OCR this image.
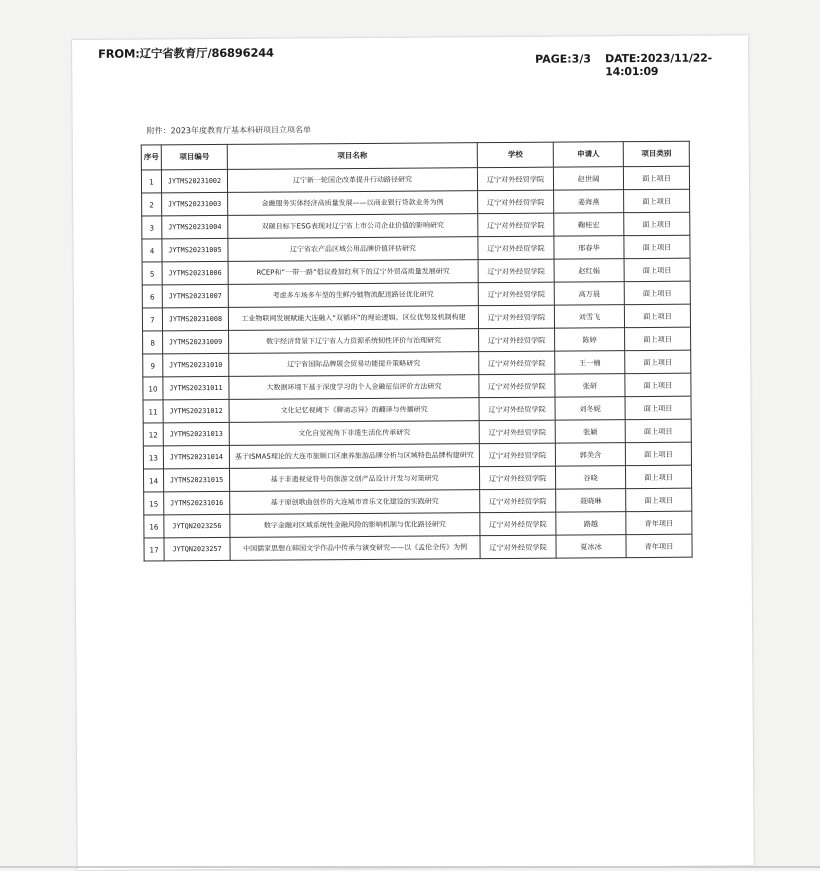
FROM:辽宁省教育厅/86896244	PAGE:3/3 DATE:2023/11/22-14:01:09
附件：2023年度教育厅基本科研项目立项名单
序号	项目编号	项目名称	学校	申请人	项目类别
1	JYTMS20231002	辽宁新一轮国企改革提升行动路径研究	辽宁对外经贸学院	赵世阔	面上项目
2	JYTMS20231003	金融服务实体经济高质量发展——以商业银行贷款业务为例	辽宁对外经贸学院	姜海燕	面上项目
3	JYTMS20231004	双碳目标下ESG表现对辽宁省上市公司企业价值的影响研究	辽宁对外经贸学院	鞠桂宏	面上项目
4	JYTMS20231005	辽宁省农产品区域公用品牌价值评估研究	辽宁对外经贸学院	邢春华	面上项目
5	JYTMS20231006	RCEP和“一带一路”倡议叠加红利下的辽宁外贸高质量发展研究	辽宁对外经贸学院	赵红娟	面上项目
6	JYTMS20231007	考虑多车场多车型的生鲜冷链物流配送路径优化研究	辽宁对外经贸学院	高万晨	面上项目
7	JYTMS20231008	工业物联网发展赋能大连融入“双循环”的理论逻辑、区位优势及机制构建	辽宁对外经贸学院	刘雪飞	面上项目
8	JYTMS20231009	数字经济背景下辽宁省人力资源系统韧性评价与治理研究	辽宁对外经贸学院	陈婷	面上项目
9	JYTMS20231010	辽宁省国际品牌展会贸易功能提升策略研究	辽宁对外经贸学院	王一楠	面上项目
10	JYTMS20231011	大数据环境下基于深度学习的个人金融征信评价方法研究	辽宁对外经贸学院	张研	面上项目
11	JYTMS20231012	文化记忆视阈下《聊斋志异》的翻译与传播研究	辽宁对外经贸学院	刘冬妮	面上项目
12	JYTMS20231013	文化自觉视角下非遗生活化传承研究	辽宁对外经贸学院	张颖	面上项目
13	JYTMS20231014	基于ISMAS理论的大连市旅顺口区康养旅游品牌分析与区域特色品牌构建研究	辽宁对外经贸学院	郭美含	面上项目
14	JYTMS20231015	基于非遗视觉符号的旅游文创产品设计开发与对策研究	辽宁对外经贸学院	谷晓	面上项目
15	JYTMS20231016	基于原创歌曲创作的大连城市音乐文化建设的实践研究	辽宁对外经贸学院	聂晓琳	面上项目
16	JYTQN2023256	数字金融对区域系统性金融风险的影响机制与优化路径研究	辽宁对外经贸学院	路越	青年项目
17	JYTQN2023257	中国儒家思想在韩国文学作品中传承与演变研究——以《孟伦全传》为例	辽宁对外经贸学院	夏冰冰	青年项目
